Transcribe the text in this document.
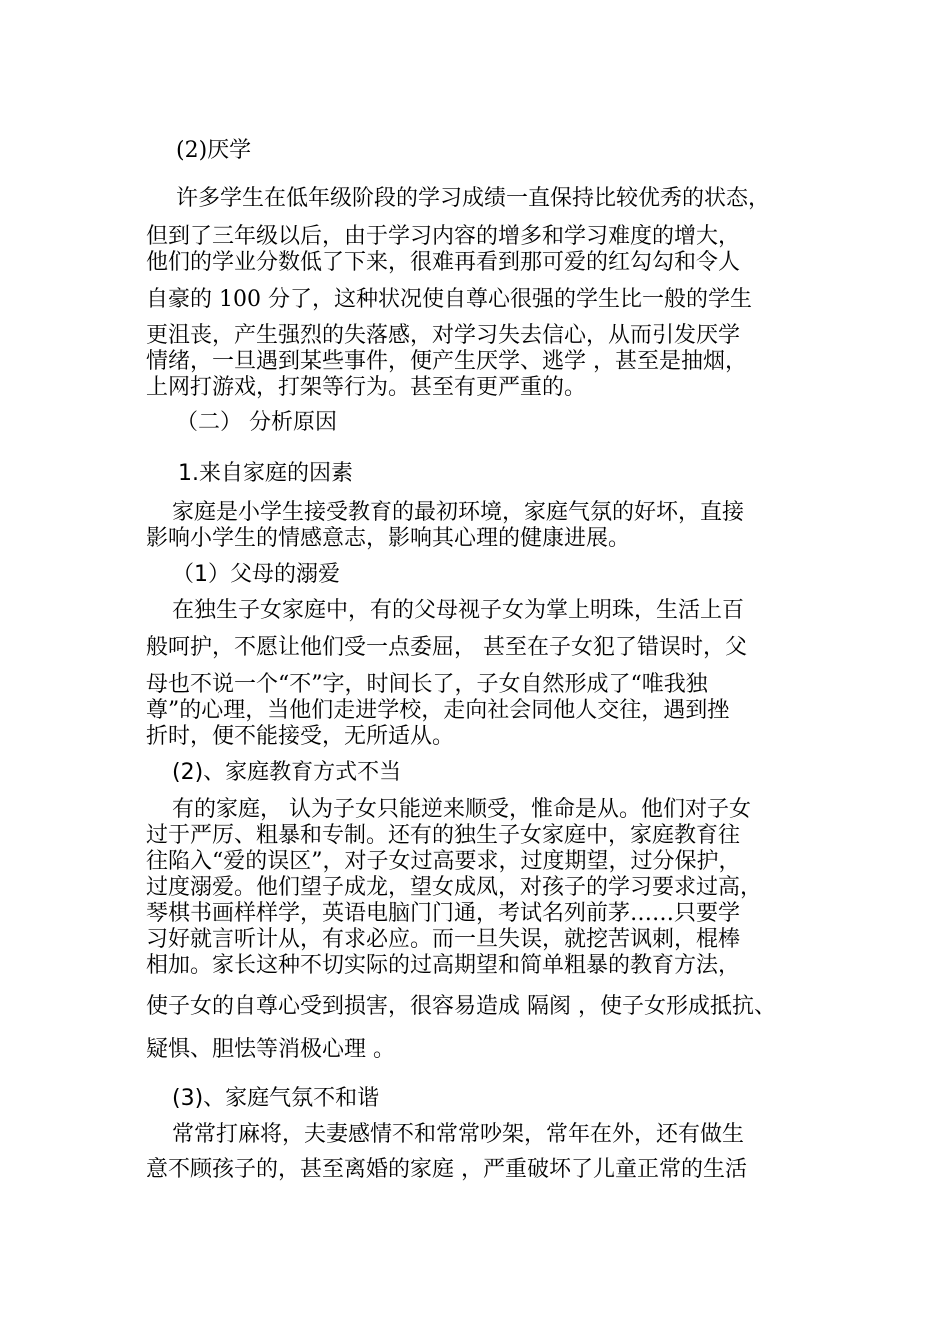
(2)厌学
许多学生在低年级阶段的学习成绩一直保持比较优秀的状态，
但到了三年级以后，由于学习内容的增多和学习难度的增大，
他们的学业分数低了下来，很难再看到那可爱的红勾勾和令人
自豪的 100 分了，这种状况使自尊心很强的学生比一般的学生
更沮丧，产生强烈的失落感，对学习失去信心，从而引发厌学
情绪，一旦遇到某些事件，便产生厌学、逃学 ，甚至是抽烟，
上网打游戏，打架等行为。甚至有更严重的。
（二） 分析原因
1.来自家庭的因素
家庭是小学生接受教育的最初环境，家庭气氛的好坏，直接
影响小学生的情感意志，影响其心理的健康进展。
（1）父母的溺爱
在独生子女家庭中，有的父母视子女为掌上明珠，生活上百
般呵护，不愿让他们受一点委屈， 甚至在子女犯了错误时，父
母也不说一个“不”字，时间长了，子女自然形成了“唯我独
尊”的心理，当他们走进学校，走向社会同他人交往，遇到挫
折时，便不能接受，无所适从。
(2)、家庭教育方式不当
有的家庭， 认为子女只能逆来顺受，惟命是从。他们对子女
过于严厉、粗暴和专制。还有的独生子女家庭中，家庭教育往
往陷入“爱的误区”，对子女过高要求，过度期望，过分保护，
过度溺爱。他们望子成龙，望女成凤，对孩子的学习要求过高，
琴棋书画样样学，英语电脑门门通，考试名列前茅……只要学
习好就言听计从，有求必应。而一旦失误，就挖苦讽刺，棍棒
相加。家长这种不切实际的过高期望和简单粗暴的教育方法，
使子女的自尊心受到损害，很容易造成 隔阂 ，使子女形成抵抗、
疑惧、胆怯等消极心理 。
(3)、家庭气氛不和谐
常常打麻将，夫妻感情不和常常吵架，常年在外，还有做生
意不顾孩子的，甚至离婚的家庭 ，严重破坏了儿童正常的生活
